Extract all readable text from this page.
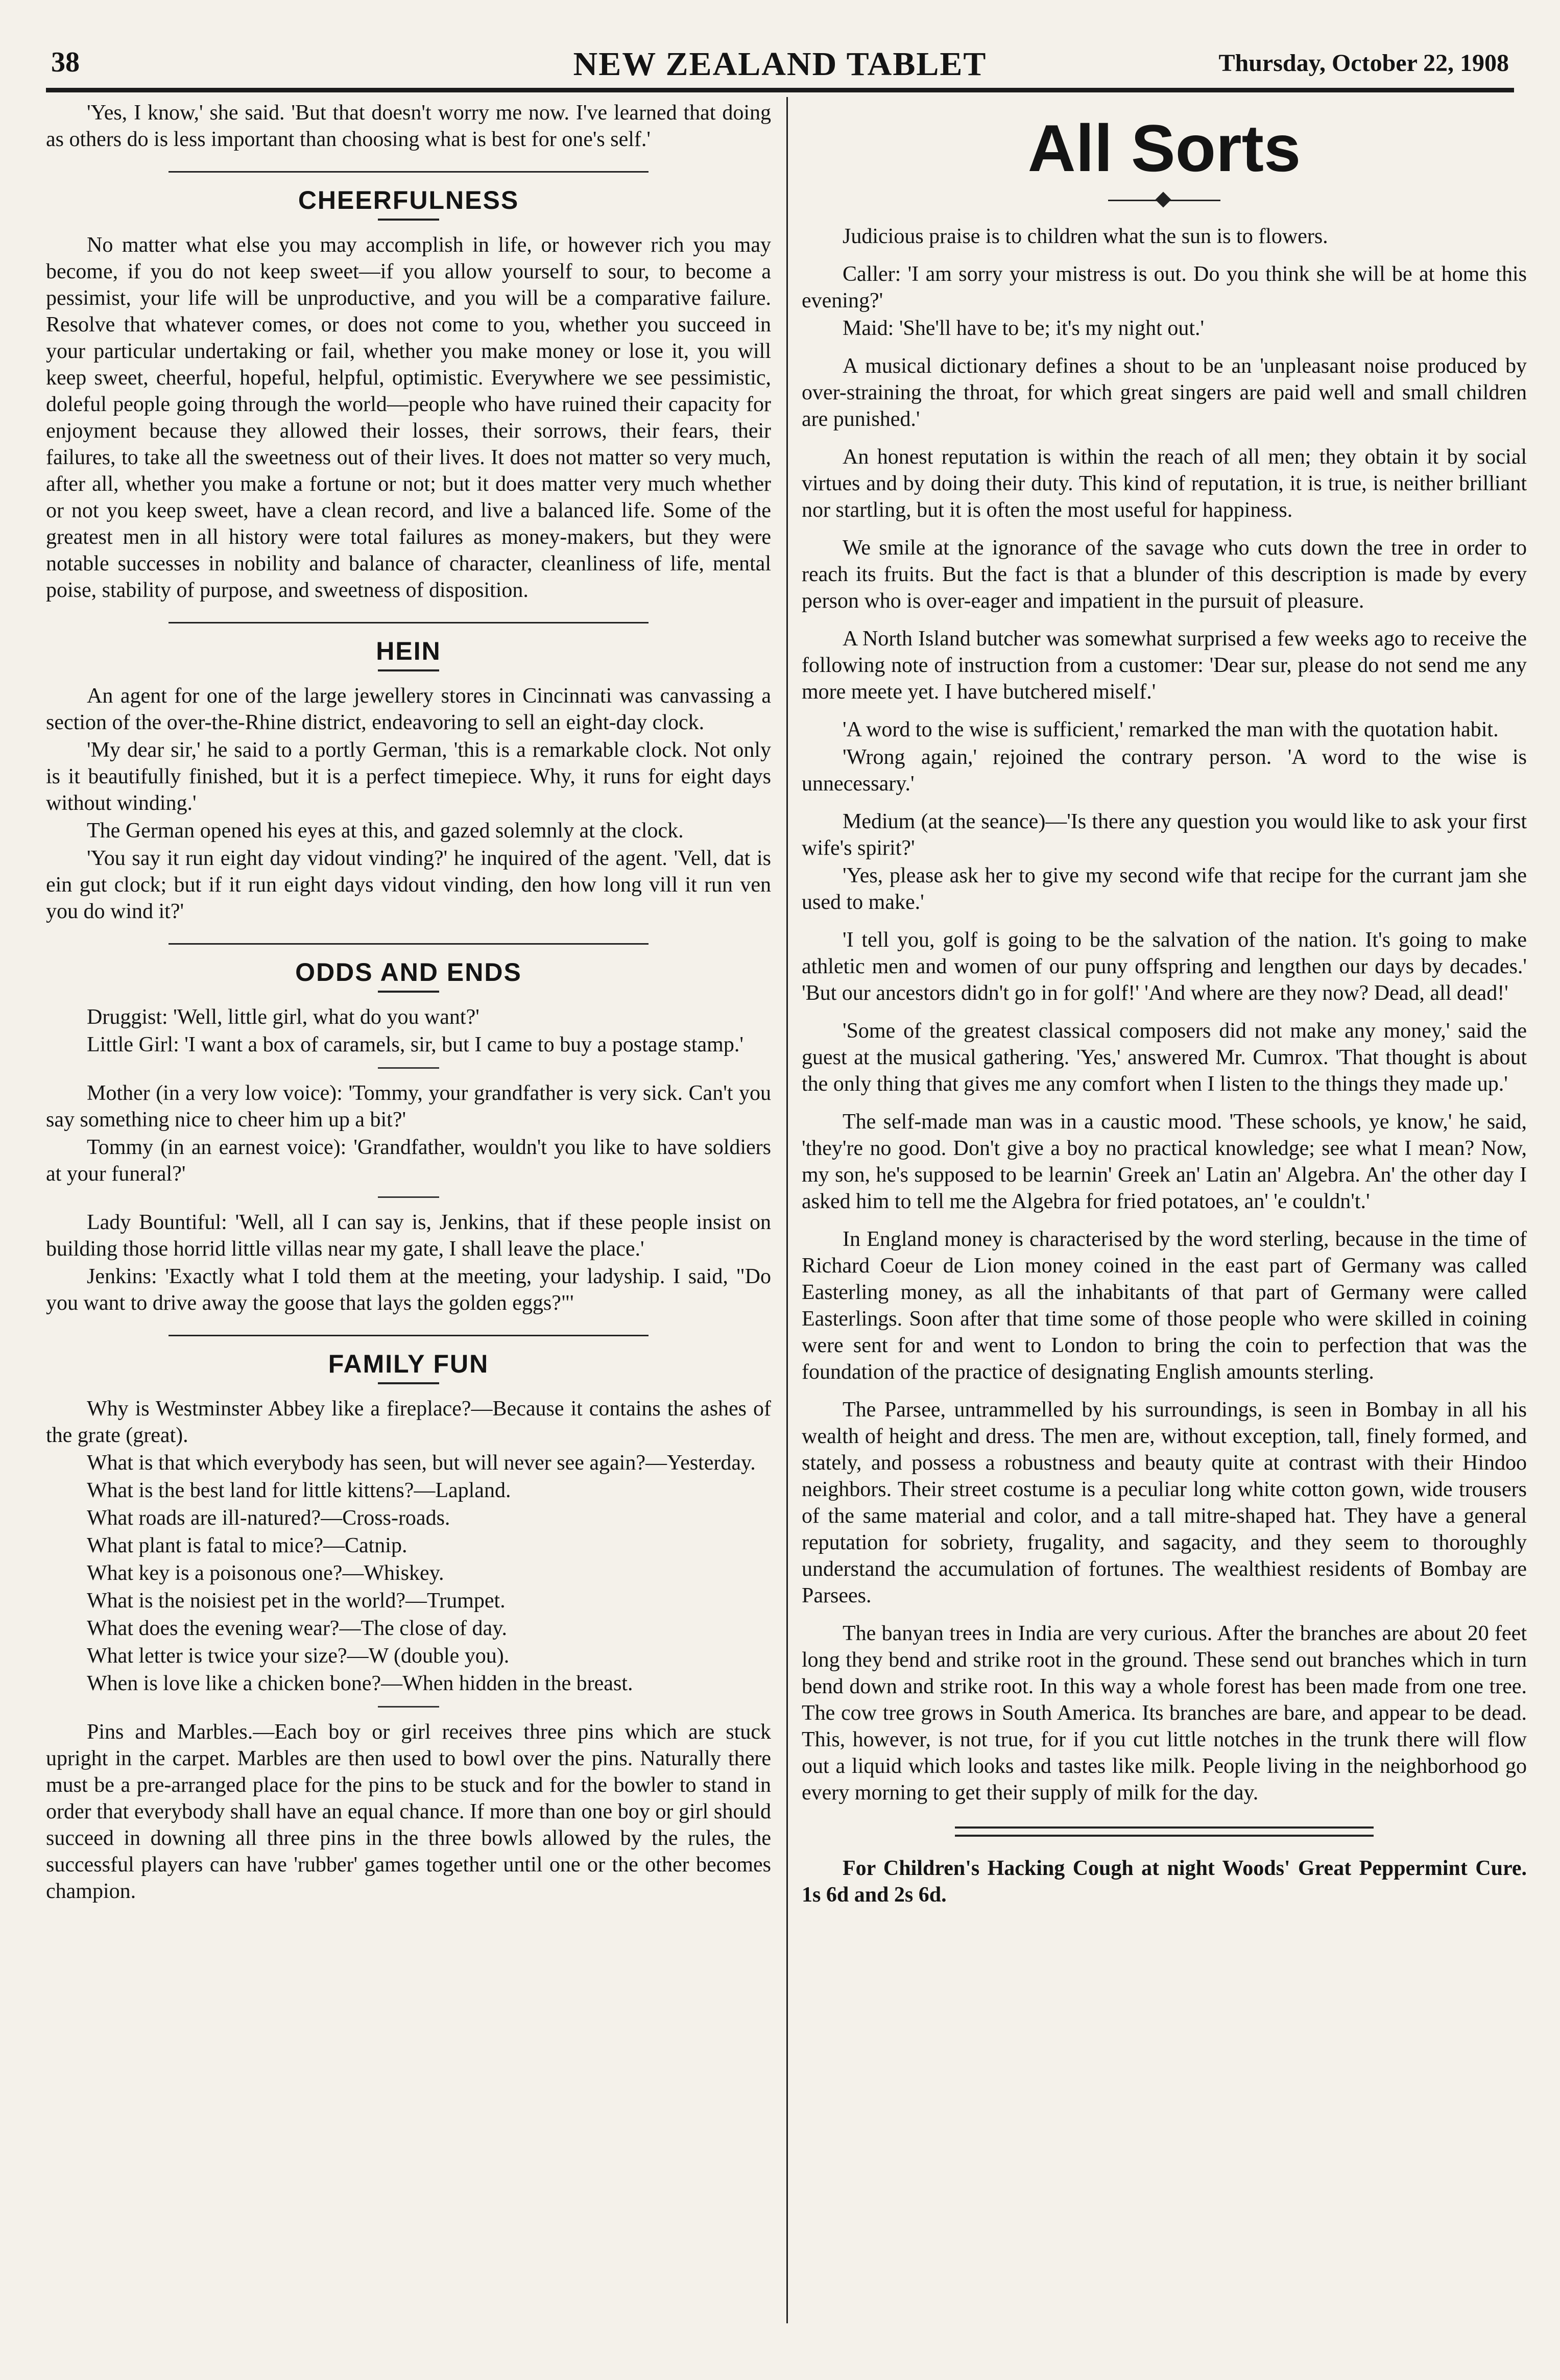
38	NEW ZEALAND TABLET	Thursday, October 22, 1908

'Yes, I know,' she said. 'But that doesn't worry me now. I've learned that doing as others do is less important than choosing what is best for one's self.'

CHEERFULNESS

No matter what else you may accomplish in life, or however rich you may become, if you do not keep sweet—if you allow yourself to sour, to become a pessimist, your life will be unproductive, and you will be a comparative failure. Resolve that whatever comes, or does not come to you, whether you succeed in your particular undertaking or fail, whether you make money or lose it, you will keep sweet, cheerful, hopeful, helpful, optimistic. Everywhere we see pessimistic, doleful people going through the world—people who have ruined their capacity for enjoyment because they allowed their losses, their sorrows, their fears, their failures, to take all the sweetness out of their lives. It does not matter so very much, after all, whether you make a fortune or not; but it does matter very much whether or not you keep sweet, have a clean record, and live a balanced life. Some of the greatest men in all history were total failures as money-makers, but they were notable successes in nobility and balance of character, cleanliness of life, mental poise, stability of purpose, and sweetness of disposition.

HEIN

An agent for one of the large jewellery stores in Cincinnati was canvassing a section of the over-the-Rhine district, endeavoring to sell an eight-day clock.

'My dear sir,' he said to a portly German, 'this is a remarkable clock. Not only is it beautifully finished, but it is a perfect timepiece. Why, it runs for eight days without winding.'

The German opened his eyes at this, and gazed solemnly at the clock.

'You say it run eight day vidout vinding?' he inquired of the agent. 'Vell, dat is ein gut clock; but if it run eight days vidout vinding, den how long vill it run ven you do wind it?'

ODDS AND ENDS

Druggist: 'Well, little girl, what do you want?'

Little Girl: 'I want a box of caramels, sir, but I came to buy a postage stamp.'

Mother (in a very low voice): 'Tommy, your grandfather is very sick. Can't you say something nice to cheer him up a bit?'

Tommy (in an earnest voice): 'Grandfather, wouldn't you like to have soldiers at your funeral?'

Lady Bountiful: 'Well, all I can say is, Jenkins, that if these people insist on building those horrid little villas near my gate, I shall leave the place.'

Jenkins: 'Exactly what I told them at the meeting, your ladyship. I said, "Do you want to drive away the goose that lays the golden eggs?"'

FAMILY FUN

Why is Westminster Abbey like a fireplace?—Because it contains the ashes of the grate (great).

What is that which everybody has seen, but will never see again?—Yesterday.

What is the best land for little kittens?—Lapland.

What roads are ill-natured?—Cross-roads.

What plant is fatal to mice?—Catnip.

What key is a poisonous one?—Whiskey.

What is the noisiest pet in the world?—Trumpet.

What does the evening wear?—The close of day.

What letter is twice your size?—W (double you).

When is love like a chicken bone?—When hidden in the breast.

Pins and Marbles.—Each boy or girl receives three pins which are stuck upright in the carpet. Marbles are then used to bowl over the pins. Naturally there must be a pre-arranged place for the pins to be stuck and for the bowler to stand in order that everybody shall have an equal chance. If more than one boy or girl should succeed in downing all three pins in the three bowls allowed by the rules, the successful players can have 'rubber' games together until one or the other becomes champion.

All Sorts

Judicious praise is to children what the sun is to flowers.

Caller: 'I am sorry your mistress is out. Do you think she will be at home this evening?'

Maid: 'She'll have to be; it's my night out.'

A musical dictionary defines a shout to be an 'unpleasant noise produced by over-straining the throat, for which great singers are paid well and small children are punished.'

An honest reputation is within the reach of all men; they obtain it by social virtues and by doing their duty. This kind of reputation, it is true, is neither brilliant nor startling, but it is often the most useful for happiness.

We smile at the ignorance of the savage who cuts down the tree in order to reach its fruits. But the fact is that a blunder of this description is made by every person who is over-eager and impatient in the pursuit of pleasure.

A North Island butcher was somewhat surprised a few weeks ago to receive the following note of instruction from a customer: 'Dear sur, please do not send me any more meete yet. I have butchered miself.'

'A word to the wise is sufficient,' remarked the man with the quotation habit.

'Wrong again,' rejoined the contrary person. 'A word to the wise is unnecessary.'

Medium (at the seance)—'Is there any question you would like to ask your first wife's spirit?'

'Yes, please ask her to give my second wife that recipe for the currant jam she used to make.'

'I tell you, golf is going to be the salvation of the nation. It's going to make athletic men and women of our puny offspring and lengthen our days by decades.' 'But our ancestors didn't go in for golf!' 'And where are they now? Dead, all dead!'

'Some of the greatest classical composers did not make any money,' said the guest at the musical gathering. 'Yes,' answered Mr. Cumrox. 'That thought is about the only thing that gives me any comfort when I listen to the things they made up.'

The self-made man was in a caustic mood. 'These schools, ye know,' he said, 'they're no good. Don't give a boy no practical knowledge; see what I mean? Now, my son, he's supposed to be learnin' Greek an' Latin an' Algebra. An' the other day I asked him to tell me the Algebra for fried potatoes, an' 'e couldn't.'

In England money is characterised by the word sterling, because in the time of Richard Coeur de Lion money coined in the east part of Germany was called Easterling money, as all the inhabitants of that part of Germany were called Easterlings. Soon after that time some of those people who were skilled in coining were sent for and went to London to bring the coin to perfection that was the foundation of the practice of designating English amounts sterling.

The Parsee, untrammelled by his surroundings, is seen in Bombay in all his wealth of height and dress. The men are, without exception, tall, finely formed, and stately, and possess a robustness and beauty quite at contrast with their Hindoo neighbors. Their street costume is a peculiar long white cotton gown, wide trousers of the same material and color, and a tall mitre-shaped hat. They have a general reputation for sobriety, frugality, and sagacity, and they seem to thoroughly understand the accumulation of fortunes. The wealthiest residents of Bombay are Parsees.

The banyan trees in India are very curious. After the branches are about 20 feet long they bend and strike root in the ground. These send out branches which in turn bend down and strike root. In this way a whole forest has been made from one tree. The cow tree grows in South America. Its branches are bare, and appear to be dead. This, however, is not true, for if you cut little notches in the trunk there will flow out a liquid which looks and tastes like milk. People living in the neighborhood go every morning to get their supply of milk for the day.

For Children's Hacking Cough at night Woods' Great Peppermint Cure. 1s 6d and 2s 6d.
